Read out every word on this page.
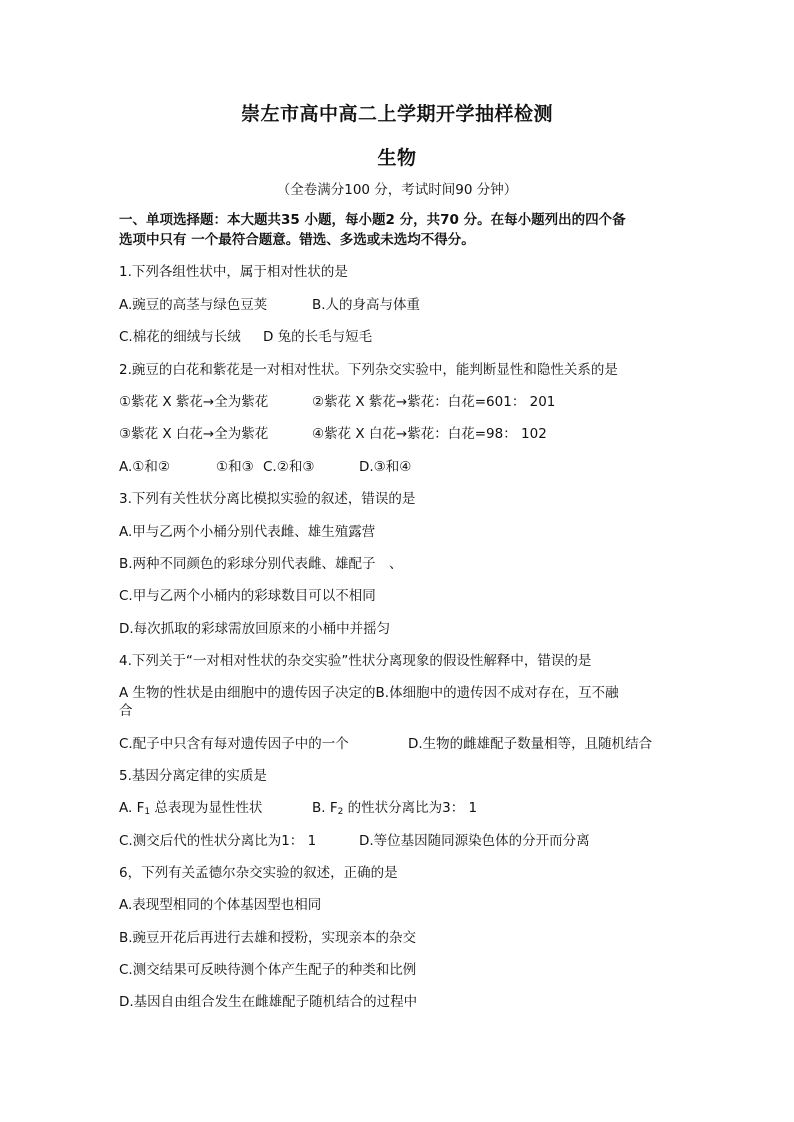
崇左市高中高二上学期开学抽样检测
生物
（全卷满分100 分，考试时间90 分钟）
一、单项选择题：本大题共35 小题，每小题2 分，共70 分。在每小题列出的四个备
选项中只有 一个最符合题意。错选、多选或未选均不得分。
1.下列各组性状中，属于相对性状的是
A.豌豆的高茎与绿色豆荚	B.人的身高与体重
C.棉花的细绒与长绒 D 兔的长毛与短毛
2.豌豆的白花和紫花是一对相对性状。下列杂交实验中，能判断显性和隐性关系的是
①紫花 X 紫花→全为紫花	②紫花 X 紫花→紫花：白花=601： 201
③紫花 X 白花→全为紫花	④紫花 X 白花→紫花：白花=98： 102
A.①和②	①和③ C.②和③	D.③和④
3.下列有关性状分离比模拟实验的叙述，错误的是
A.甲与乙两个小桶分别代表雌、雄生殖露营
B.两种不同颜色的彩球分别代表雌、雄配子　、
C.甲与乙两个小桶内的彩球数目可以不相同
D.每次抓取的彩球需放回原来的小桶中并摇匀
4.下列关于“一对相对性状的杂交实验”性状分离现象的假设性解释中，错误的是
A 生物的性状是由细胞中的遗传因子决定的B.体细胞中的遗传因不成对存在，互不融
合
C.配子中只含有每对遗传因子中的一个	D.生物的雌雄配子数量相等，且随机结合
5.基因分离定律的实质是
A. $F_1$ 总表现为显性性状	B. $F_2$ 的性状分离比为3： 1
C.测交后代的性状分离比为1： 1	D.等位基因随同源染色体的分开而分离
6，下列有关孟德尔杂交实验的叙述，正确的是
A.表现型相同的个体基因型也相同
B.豌豆开花后再进行去雄和授粉，实现亲本的杂交
C.测交结果可反映待测个体产生配子的种类和比例
D.基因自由组合发生在雌雄配子随机结合的过程中
